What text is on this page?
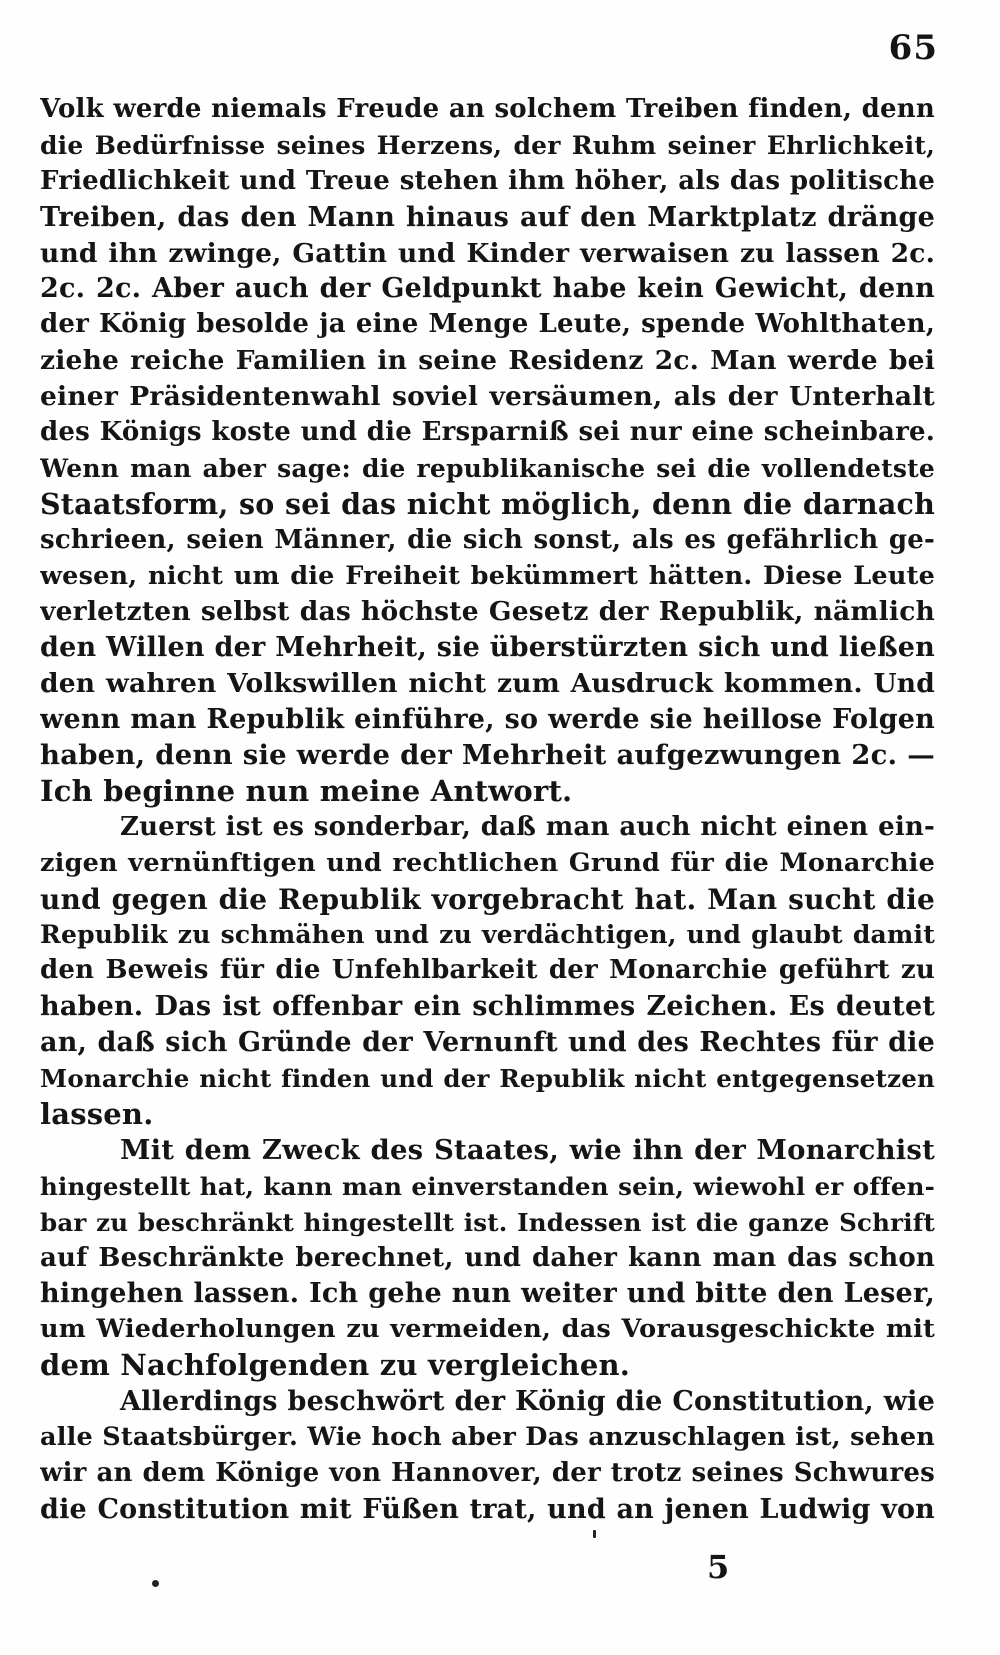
65
Volk werde niemals Freude an solchem Treiben finden, denn
die Bedürfnisse seines Herzens, der Ruhm seiner Ehrlichkeit,
Friedlichkeit und Treue stehen ihm höher, als das politische
Treiben, das den Mann hinaus auf den Marktplatz dränge
und ihn zwinge, Gattin und Kinder verwaisen zu lassen 2c.
2c. 2c. Aber auch der Geldpunkt habe kein Gewicht, denn
der König besolde ja eine Menge Leute, spende Wohlthaten,
ziehe reiche Familien in seine Residenz 2c. Man werde bei
einer Präsidentenwahl soviel versäumen, als der Unterhalt
des Königs koste und die Ersparniß sei nur eine scheinbare.
Wenn man aber sage: die republikanische sei die vollendetste
Staatsform, so sei das nicht möglich, denn die darnach
schrieen, seien Männer, die sich sonst, als es gefährlich ge-
wesen, nicht um die Freiheit bekümmert hätten. Diese Leute
verletzten selbst das höchste Gesetz der Republik, nämlich
den Willen der Mehrheit, sie überstürzten sich und ließen
den wahren Volkswillen nicht zum Ausdruck kommen. Und
wenn man Republik einführe, so werde sie heillose Folgen
haben, denn sie werde der Mehrheit aufgezwungen 2c. —
Ich beginne nun meine Antwort.
Zuerst ist es sonderbar, daß man auch nicht einen ein-
zigen vernünftigen und rechtlichen Grund für die Monarchie
und gegen die Republik vorgebracht hat. Man sucht die
Republik zu schmähen und zu verdächtigen, und glaubt damit
den Beweis für die Unfehlbarkeit der Monarchie geführt zu
haben. Das ist offenbar ein schlimmes Zeichen. Es deutet
an, daß sich Gründe der Vernunft und des Rechtes für die
Monarchie nicht finden und der Republik nicht entgegensetzen
lassen.
Mit dem Zweck des Staates, wie ihn der Monarchist
hingestellt hat, kann man einverstanden sein, wiewohl er offen-
bar zu beschränkt hingestellt ist. Indessen ist die ganze Schrift
auf Beschränkte berechnet, und daher kann man das schon
hingehen lassen. Ich gehe nun weiter und bitte den Leser,
um Wiederholungen zu vermeiden, das Vorausgeschickte mit
dem Nachfolgenden zu vergleichen.
Allerdings beschwört der König die Constitution, wie
alle Staatsbürger. Wie hoch aber Das anzuschlagen ist, sehen
wir an dem Könige von Hannover, der trotz seines Schwures
die Constitution mit Füßen trat, und an jenen Ludwig von
5
